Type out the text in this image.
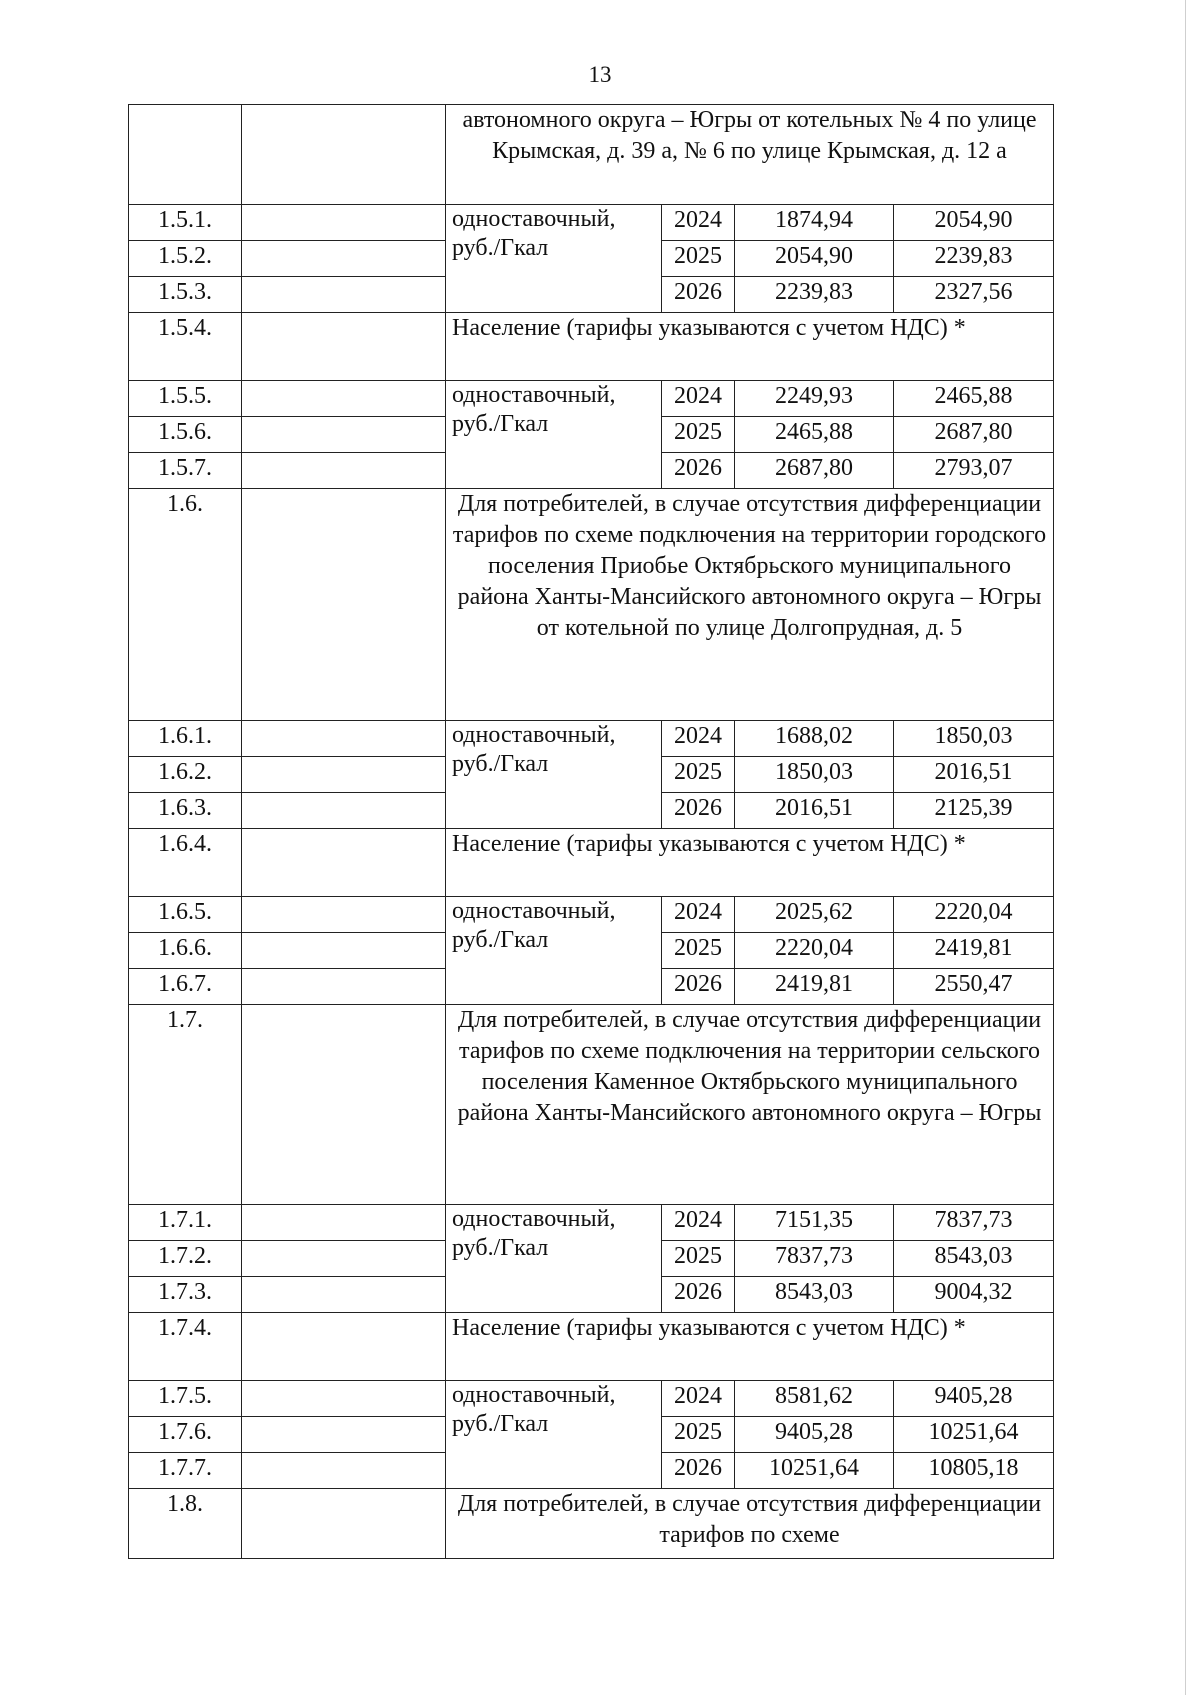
13
		автономного округа – Югры от котельных № 4 по улице Крымская, д. 39 а, № 6 по улице Крымская, д. 12 а			
1.5.1.		одноставочный, руб./Гкал	2024	1874,94	2054,90
1.5.2.			2025	2054,90	2239,83
1.5.3.			2026	2239,83	2327,56
1.5.4.		Население (тарифы указываются с учетом НДС) *			
1.5.5.		одноставочный, руб./Гкал	2024	2249,93	2465,88
1.5.6.			2025	2465,88	2687,80
1.5.7.			2026	2687,80	2793,07
1.6.		Для потребителей, в случае отсутствия дифференциации тарифов по схеме подключения на территории городского поселения Приобье Октябрьского муниципального района Ханты-Мансийского автономного округа – Югры от котельной по улице Долгопрудная, д. 5			
1.6.1.		одноставочный, руб./Гкал	2024	1688,02	1850,03
1.6.2.			2025	1850,03	2016,51
1.6.3.			2026	2016,51	2125,39
1.6.4.		Население (тарифы указываются с учетом НДС) *			
1.6.5.		одноставочный, руб./Гкал	2024	2025,62	2220,04
1.6.6.			2025	2220,04	2419,81
1.6.7.			2026	2419,81	2550,47
1.7.		Для потребителей, в случае отсутствия дифференциации тарифов по схеме подключения на территории сельского поселения Каменное Октябрьского муниципального района Ханты-Мансийского автономного округа – Югры			
1.7.1.		одноставочный, руб./Гкал	2024	7151,35	7837,73
1.7.2.			2025	7837,73	8543,03
1.7.3.			2026	8543,03	9004,32
1.7.4.		Население (тарифы указываются с учетом НДС) *			
1.7.5.		одноставочный, руб./Гкал	2024	8581,62	9405,28
1.7.6.			2025	9405,28	10251,64
1.7.7.			2026	10251,64	10805,18
1.8.		Для потребителей, в случае отсутствия дифференциации тарифов по схеме			
